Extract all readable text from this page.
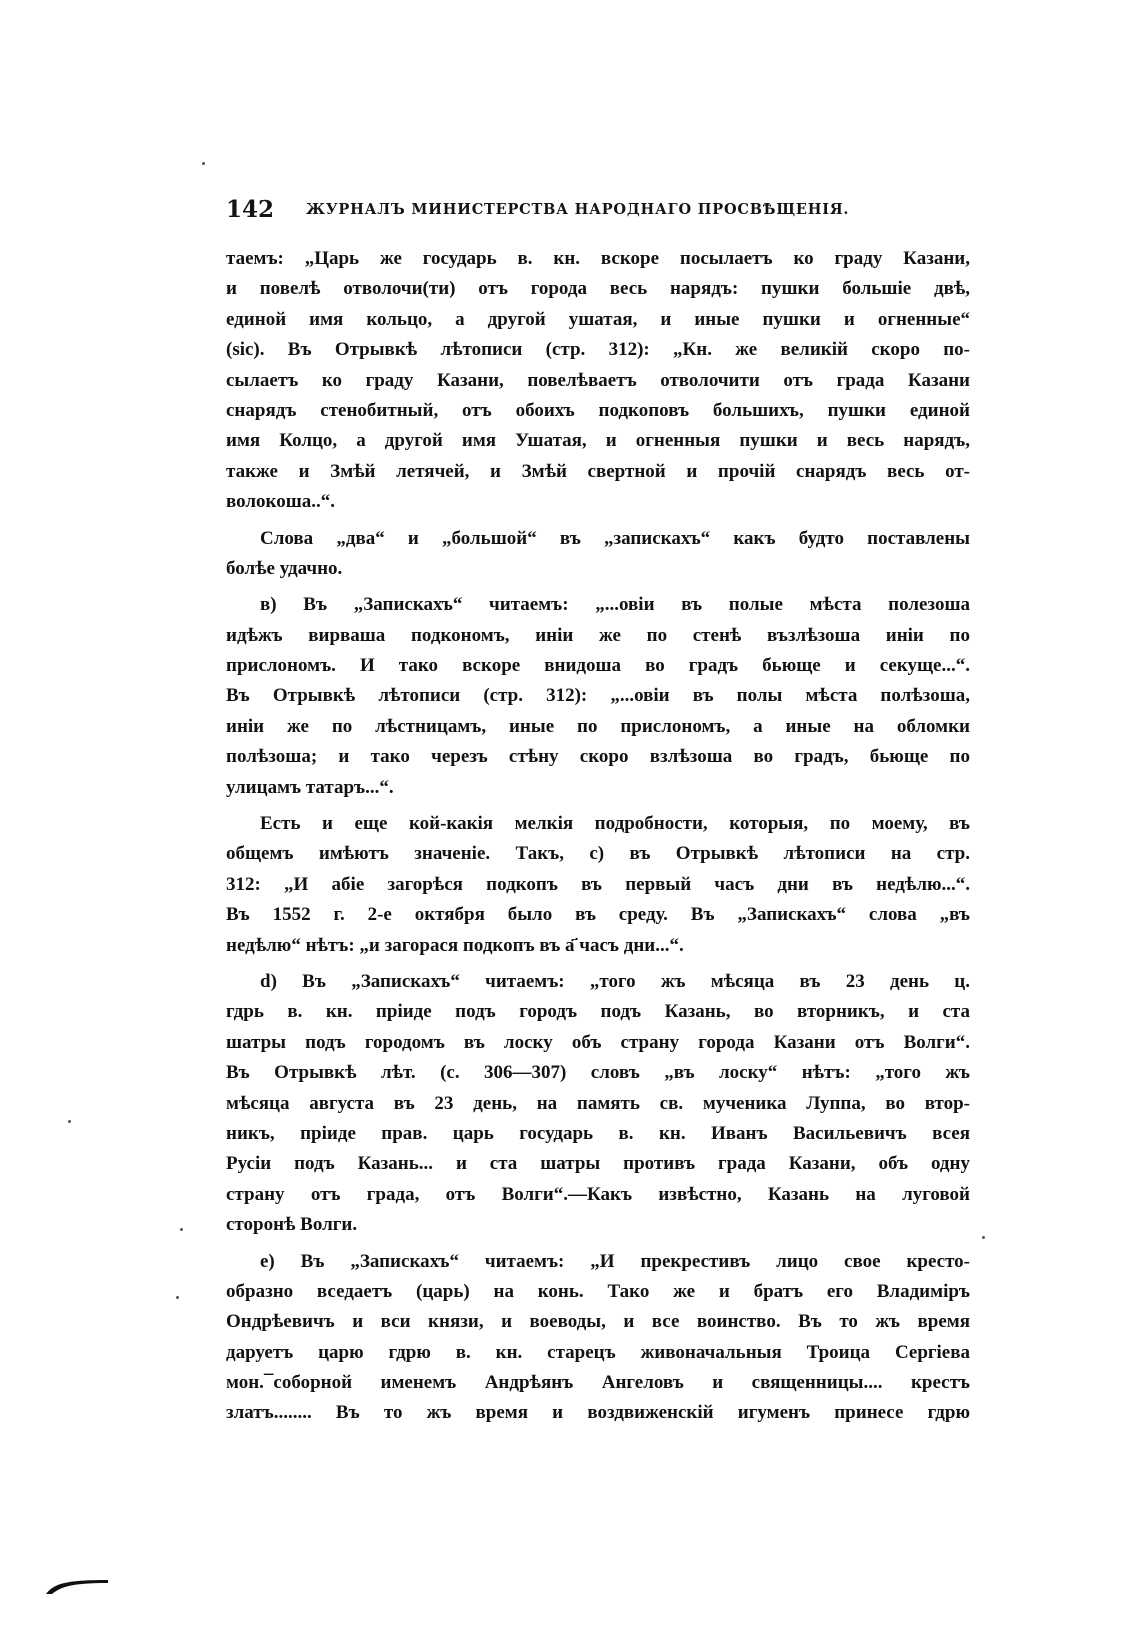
142 ЖУРНАЛЪ МИНИСТЕРСТВА НАРОДНАГО ПРОСВѢЩЕНІЯ.
таемъ: „Царь же государь в. кн. вскоре посылаетъ ко граду Казани,
и повелѣ отволочи(ти) отъ города весь нарядъ: пушки большіе двѣ,
единой имя кольцо, а другой ушатая, и иные пушки и огненные“
(sic). Въ Отрывкѣ лѣтописи (стр. 312): „Кн. же великій скоро по-
сылаетъ ко граду Казани, повелѣваетъ отволочити отъ града Казани
снарядъ стенобитный, отъ обоихъ подкоповъ большихъ, пушки единой
имя Колцо, а другой имя Ушатая, и огненныя пушки и весь нарядъ,
также и Змѣй летячей, и Змѣй свертной и прочій снарядъ весь от-
волокоша..“.
Слова „два“ и „большой“ въ „запискахъ“ какъ будто поставлены
болѣе удачно.
в) Въ „Запискахъ“ читаемъ: „...овіи въ полые мѣста полезоша
идѣжъ вирваша подкономъ, иніи же по стенѣ възлѣзоша иніи по
прислономъ. И тако вскоре внидоша во градъ бьюще и секуще...“.
Въ Отрывкѣ лѣтописи (стр. 312): „...овіи въ полы мѣста полѣзоша,
иніи же по лѣстницамъ, иные по прислономъ, а иные на обломки
полѣзоша; и тако черезъ стѣну скоро взлѣзоша во градъ, бьюще по
улицамъ татаръ...“.
Есть и еще кой-какія мелкія подробности, которыя, по моему, въ
общемъ имѣютъ значеніе. Такъ, с) въ Отрывкѣ лѣтописи на стр.
312: „И абіе загорѣся подкопъ въ первый часъ дни въ недѣлю...“.
Въ 1552 г. 2-е октября было въ среду. Въ „Запискахъ“ слова „въ
недѣлю“ нѣтъ: „и загорася подкопъ въ а҃ часъ дни...“.
d) Въ „Запискахъ“ читаемъ: „того жъ мѣсяца въ 23 день ц.
гдрь в. кн. пріиде подъ городъ подъ Казань, во вторникъ, и ста
шатры подъ городомъ въ лоску объ страну города Казани отъ Волги“.
Въ Отрывкѣ лѣт. (с. 306—307) словъ „въ лоску“ нѣтъ: „того жъ
мѣсяца августа въ 23 день, на память св. мученика Луппа, во втор-
никъ, пріиде прав. царь государь в. кн. Иванъ Васильевичъ всея
Русіи подъ Казань... и ста шатры противъ града Казани, объ одну
страну отъ града, отъ Волги“.—Какъ извѣстно, Казань на луговой
сторонѣ Волги.
е) Въ „Запискахъ“ читаемъ: „И прекрестивъ лицо свое кресто-
образно вседаетъ (царь) на конь. Тако же и братъ его Владиміръ
Ондрѣевичъ и вси князи, и воеводы, и все воинство. Въ то жъ время
даруетъ царю гдрю в. кн. старецъ живоначальныя Троица Сергіева
мон.¯соборной именемъ Андрѣянъ Ангеловъ и священницы.... крестъ
златъ........ Въ то жъ время и воздвиженскій игуменъ принесе гдрю
